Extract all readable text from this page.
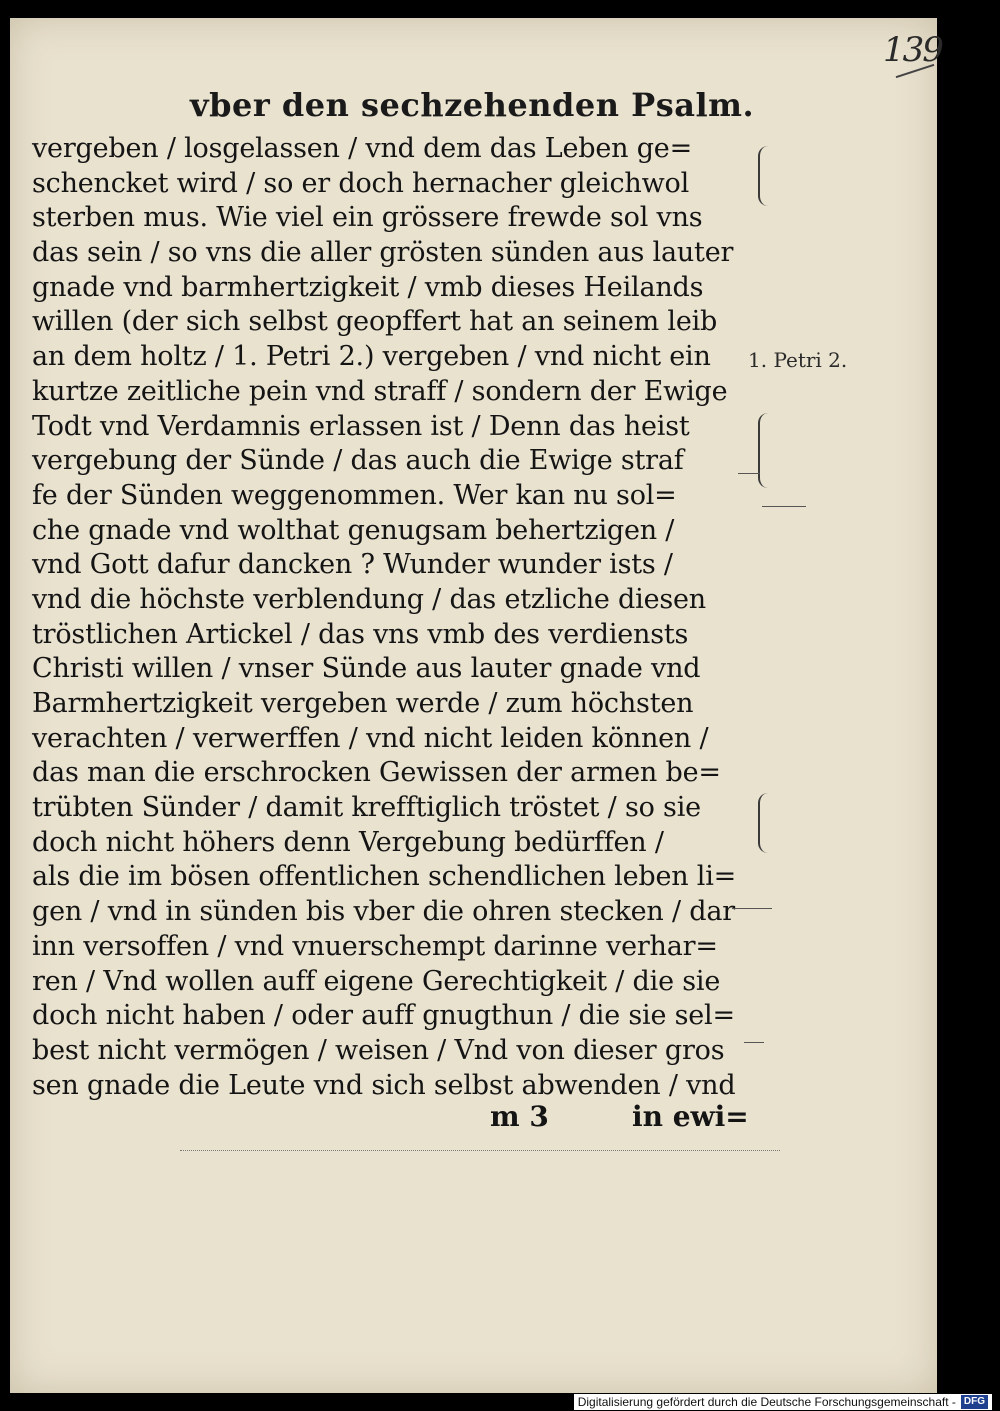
139
vber den sechzehenden Psalm.
vergeben / losgelassen / vnd dem das Leben ge=
schencket wird / so er doch hernacher gleichwol
sterben mus. Wie viel ein grössere frewde sol vns
das sein / so vns die aller grösten sünden aus lauter
gnade vnd barmhertzigkeit / vmb dieses Heilands
willen (der sich selbst geopffert hat an seinem leib
an dem holtz / 1. Petri 2.) vergeben / vnd nicht ein
kurtze zeitliche pein vnd straff / sondern der Ewige
Todt vnd Verdamnis erlassen ist / Denn das heist
vergebung der Sünde / das auch die Ewige straf
fe der Sünden weggenommen. Wer kan nu sol=
che gnade vnd wolthat genugsam behertzigen /
vnd Gott dafur dancken ? Wunder wunder ists /
vnd die höchste verblendung / das etzliche diesen
tröstlichen Artickel / das vns vmb des verdiensts
Christi willen / vnser Sünde aus lauter gnade vnd
Barmhertzigkeit vergeben werde / zum höchsten
verachten / verwerffen / vnd nicht leiden können /
das man die erschrocken Gewissen der armen be=
trübten Sünder / damit krefftiglich tröstet / so sie
doch nicht höhers denn Vergebung bedürffen /
als die im bösen offentlichen schendlichen leben li=
gen / vnd in sünden bis vber die ohren stecken / dar
inn versoffen / vnd vnuerschempt darinne verhar=
ren / Vnd wollen auff eigene Gerechtigkeit / die sie
doch nicht haben / oder auff gnugthun / die sie sel=
best nicht vermögen / weisen / Vnd von dieser gros
sen gnade die Leute vnd sich selbst abwenden / vnd
1. Petri 2.
m 3	in ewi=
Digitalisierung gefördert durch die Deutsche Forschungsgemeinschaft - DFG
